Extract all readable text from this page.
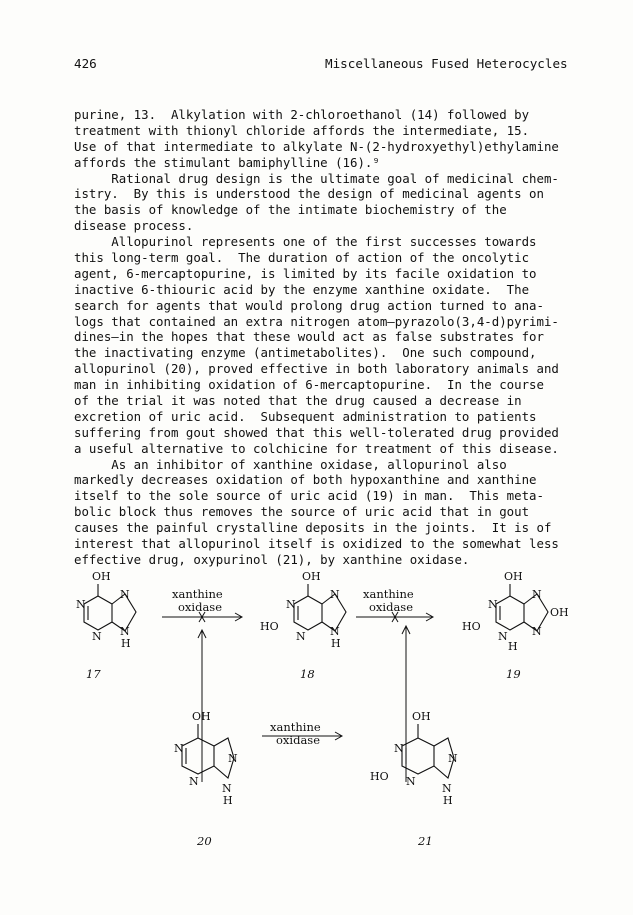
426	Miscellaneous Fused Heterocycles
purine, 13.  Alkylation with 2-chloroethanol (14) followed by
treatment with thionyl chloride affords the intermediate, 15.
Use of that intermediate to alkylate N-(2-hydroxyethyl)ethylamine
affords the stimulant bamiphylline (16).⁹
Rational drug design is the ultimate goal of medicinal chem-
istry.  By this is understood the design of medicinal agents on
the basis of knowledge of the intimate biochemistry of the
disease process.
Allopurinol represents one of the first successes towards
this long-term goal.  The duration of action of the oncolytic
agent, 6-mercaptopurine, is limited by its facile oxidation to
inactive 6-thiouric acid by the enzyme xanthine oxidate.  The
search for agents that would prolong drug action turned to ana-
logs that contained an extra nitrogen atom—pyrazolo(3,4-d)pyrimi-
dines—in the hopes that these would act as false substrates for
the inactivating enzyme (antimetabolites).  One such compound,
allopurinol (20), proved effective in both laboratory animals and
man in inhibiting oxidation of 6-mercaptopurine.  In the course
of the trial it was noted that the drug caused a decrease in
excretion of uric acid.  Subsequent administration to patients
suffering from gout showed that this well-tolerated drug provided
a useful alternative to colchicine for treatment of this disease.
As an inhibitor of xanthine oxidase, allopurinol also
markedly decreases oxidation of both hypoxanthine and xanthine
itself to the sole source of uric acid (19) in man.  This meta-
bolic block thus removes the source of uric acid that in gout
causes the painful crystalline deposits in the joints.  It is of
interest that allopurinol itself is oxidized to the somewhat less
effective drug, oxypurinol (21), by xanthine oxidase.
OH
N
N
N
N
H
17
xanthine
oxidase
OH
N
N
HO
N
N
H
18
xanthine
oxidase
OH
N
N
HO
N
OH
N
H
19
OH
N
N
N
N
H
20
xanthine
oxidase
OH
N
N
HO
N
N
H
21
